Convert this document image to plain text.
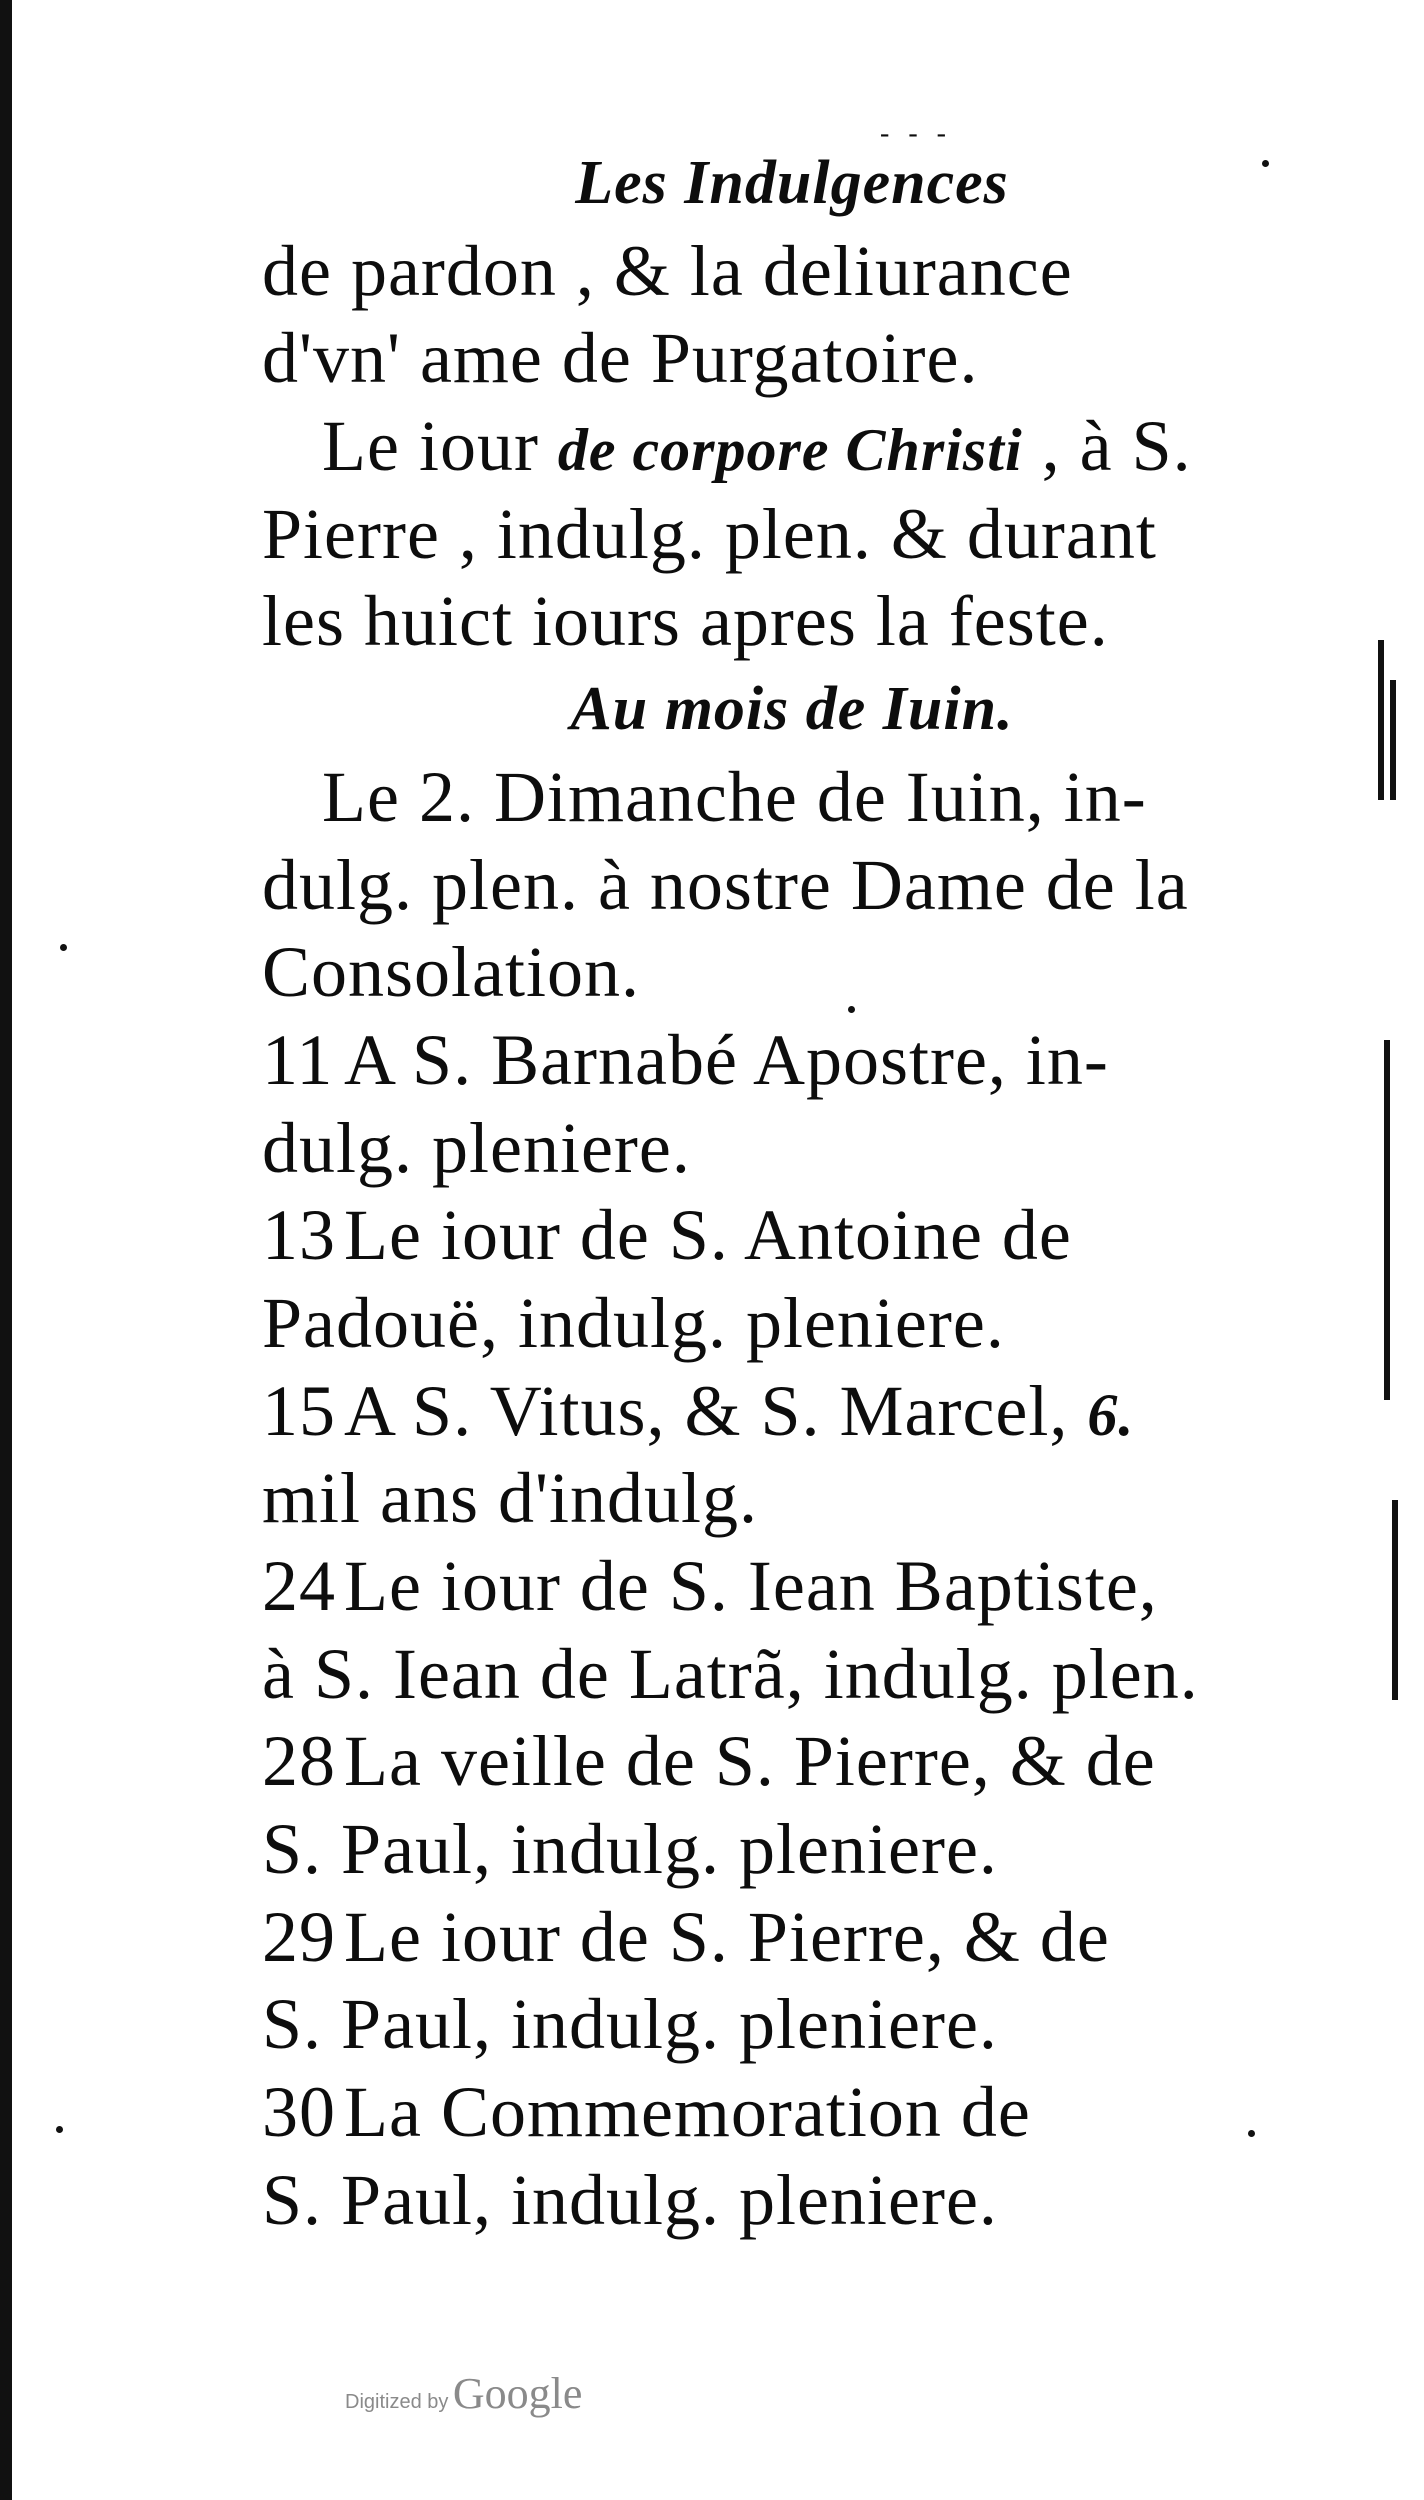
- - -
Les Indulgences
de pardon , & la deliurance
d'vn' ame de Purgatoire.
Le iour de corpore Christi , à S.
Pierre , indulg. plen. & durant
les huict iours apres la feste.
Au mois de Iuin.
Le 2. Dimanche de Iuin, in-
dulg. plen. à nostre Dame de la
Consolation.
11 A S. Barnabé Apostre, in-
dulg. pleniere.
13 Le iour de S. Antoine de
Padouë, indulg. pleniere.
15 A S. Vitus, & S. Marcel, 6.
mil ans d'indulg.
24 Le iour de S. Iean Baptiste,
à S. Iean de Latrã, indulg. plen.
28 La veille de S. Pierre, & de
S. Paul, indulg. pleniere.
29 Le iour de S. Pierre, & de
S. Paul, indulg. pleniere.
30 La Commemoration de
S. Paul, indulg. pleniere.
Digitized by Google
